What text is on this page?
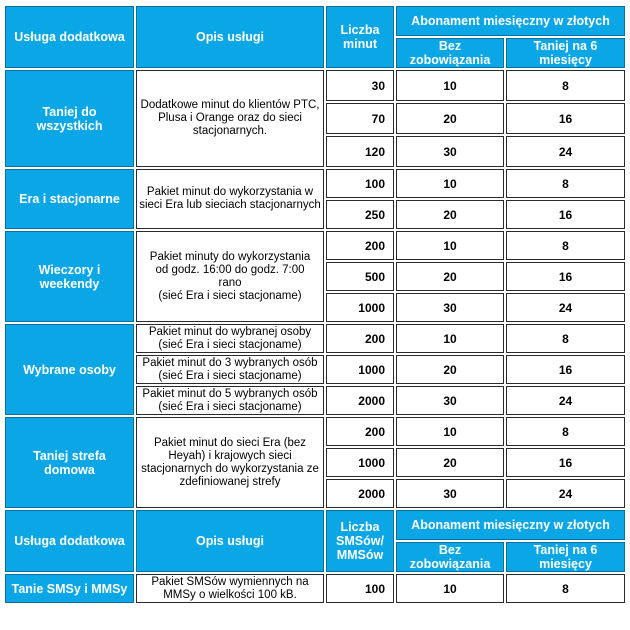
Usługa dodatkowa	Opis usługi	Liczba minut	Abonament miesięczny w złotych	
			Bez zobowiązania	Taniej na 6 miesięcy
Taniej do wszystkich	Dodatkowe minut do klientów PTC, Plusa i Orange oraz do sieci stacjonarnych.	30	10	8
		70	20	16
		120	30	24
Era i stacjonarne	Pakiet minut do wykorzystania w sieci Era lub sieciach stacjonarnych	100	10	8
		250	20	16
Wieczory i weekendy	Pakiet minuty do wykorzystania
od godz. 16:00 do godz. 7:00
rano
(sieć Era i sieci stacjoname)	200	10	8
		500	20	16
		1000	30	24
Wybrane osoby	Pakiet minut do wybranej osoby (sieć Era i sieci stacjoname)	200	10	8
	Pakiet minut do 3 wybranych osób (sieć Era i sieci stacjoname)	1000	20	16
	Pakiet minut do 5 wybranych osób (sieć Era i sieci stacjoname)	2000	30	24
Taniej strefa domowa	Pakiet minut do sieci Era (bez Heyah) i krajowych sieci stacjonarnych do wykorzystania ze zdefiniowanej strefy	200	10	8
		1000	20	16
		2000	30	24
Usługa dodatkowa	Opis usługi	Liczba SMSów/ MMSów	Abonament miesięczny w złotych	
			Bez zobowiązania	Taniej na 6 miesięcy
Tanie SMSy i MMSy	Pakiet SMSów wymiennych na MMSy o wielkości 100 kB.	100	10	8
